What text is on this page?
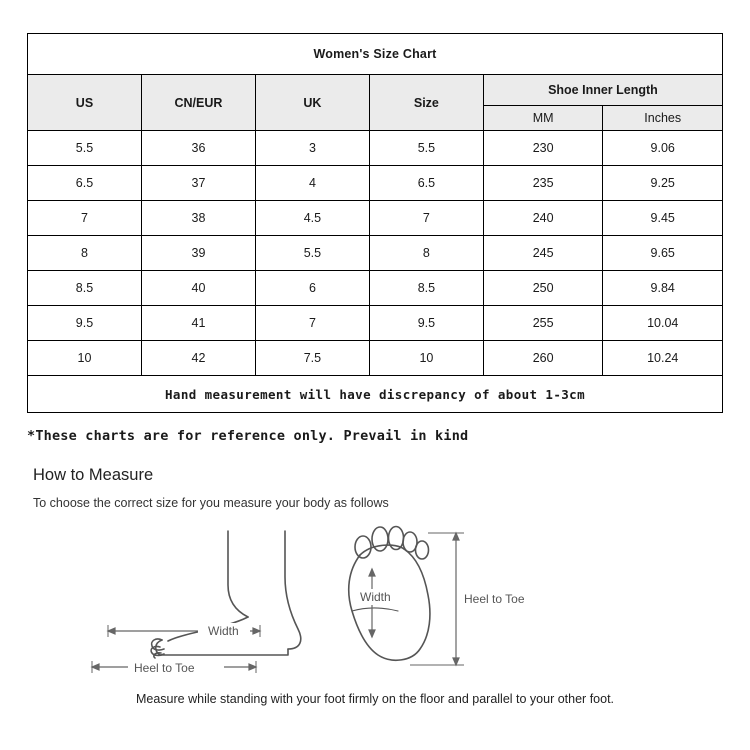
Women's Size Chart					
US	CN/EUR	UK	Size	Shoe Inner Length	
				MM	Inches
5.5	36	3	5.5	230	9.06
6.5	37	4	6.5	235	9.25
7	38	4.5	7	240	9.45
8	39	5.5	8	245	9.65
8.5	40	6	8.5	250	9.84
9.5	41	7	9.5	255	10.04
10	42	7.5	10	260	10.24
Hand measurement will have discrepancy of about 1-3cm					
*These charts are for reference only. Prevail in kind
How to Measure
To choose the correct size for you measure your body as follows
Width
Heel to Toe
Width	Heel to Toe
Measure while standing with your foot firmly on the floor and parallel to your other foot.
